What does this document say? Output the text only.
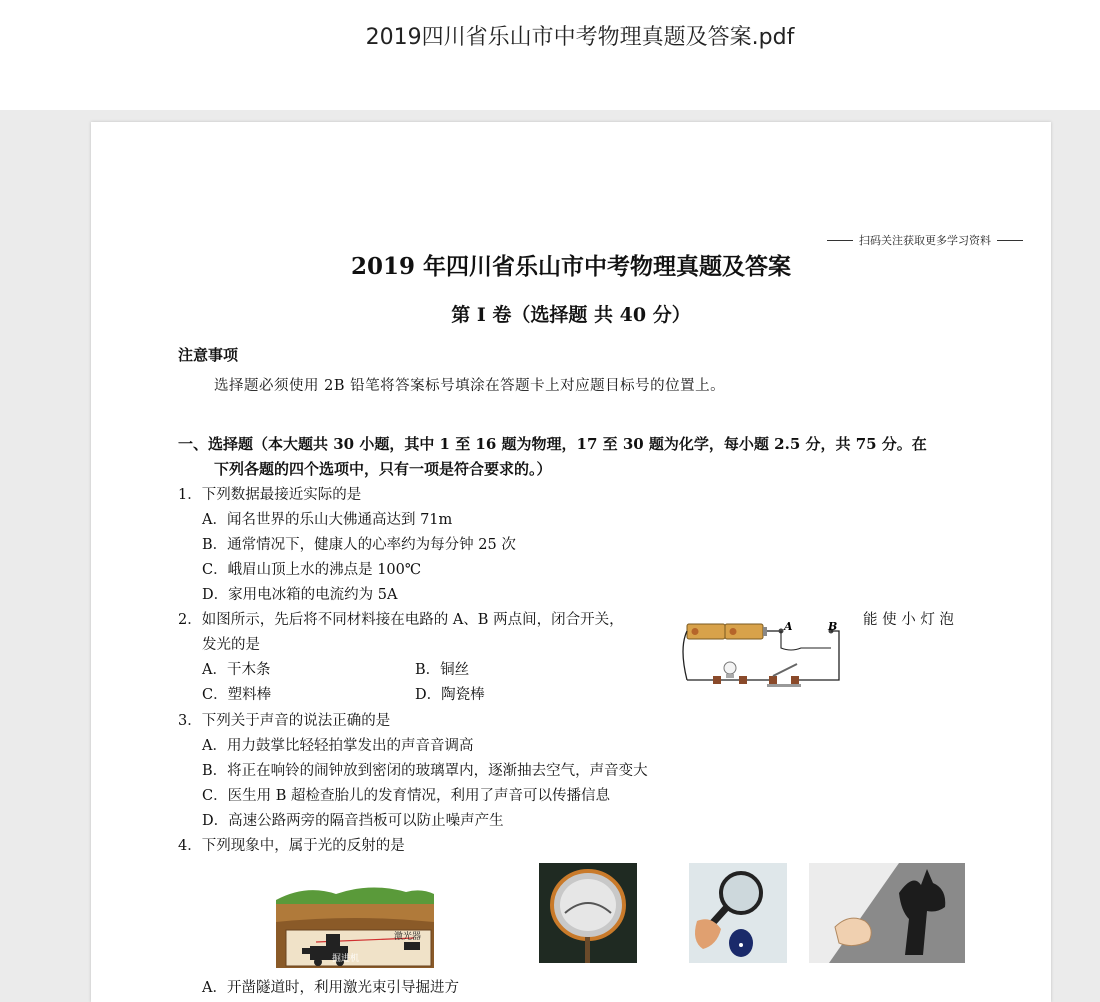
2019四川省乐山市中考物理真题及答案.pdf
扫码关注获取更多学习资料
2019 年四川省乐山市中考物理真题及答案
第 I 卷（选择题 共 40 分）
注意事项
选择题必须使用 2B 铅笔将答案标号填涂在答题卡上对应题目标号的位置上。
一、选择题（本大题共 30 小题，其中 1 至 16 题为物理，17 至 30 题为化学，每小题 2.5 分，共 75 分。在
下列各题的四个选项中，只有一项是符合要求的。）
1．下列数据最接近实际的是
A．闻名世界的乐山大佛通高达到 71m
B．通常情况下，健康人的心率约为每分钟 25 次
C．峨眉山顶上水的沸点是 100℃
D．家用电冰箱的电流约为 5A
2．如图所示，先后将不同材料接在电路的 A、B 两点间，闭合开关，	能 使 小 灯 泡
发光的是
A．干木条	B．铜丝
C．塑料棒	D．陶瓷棒
A	B
3．下列关于声音的说法正确的是
A．用力鼓掌比轻轻拍掌发出的声音音调高
B．将正在响铃的闹钟放到密闭的玻璃罩内，逐渐抽去空气，声音变大
C．医生用 B 超检查胎儿的发育情况，利用了声音可以传播信息
D．高速公路两旁的隔音挡板可以防止噪声产生
4．下列现象中，属于光的反射的是
激光器
掘进机
A．开凿隧道时，利用激光束引导掘进方
